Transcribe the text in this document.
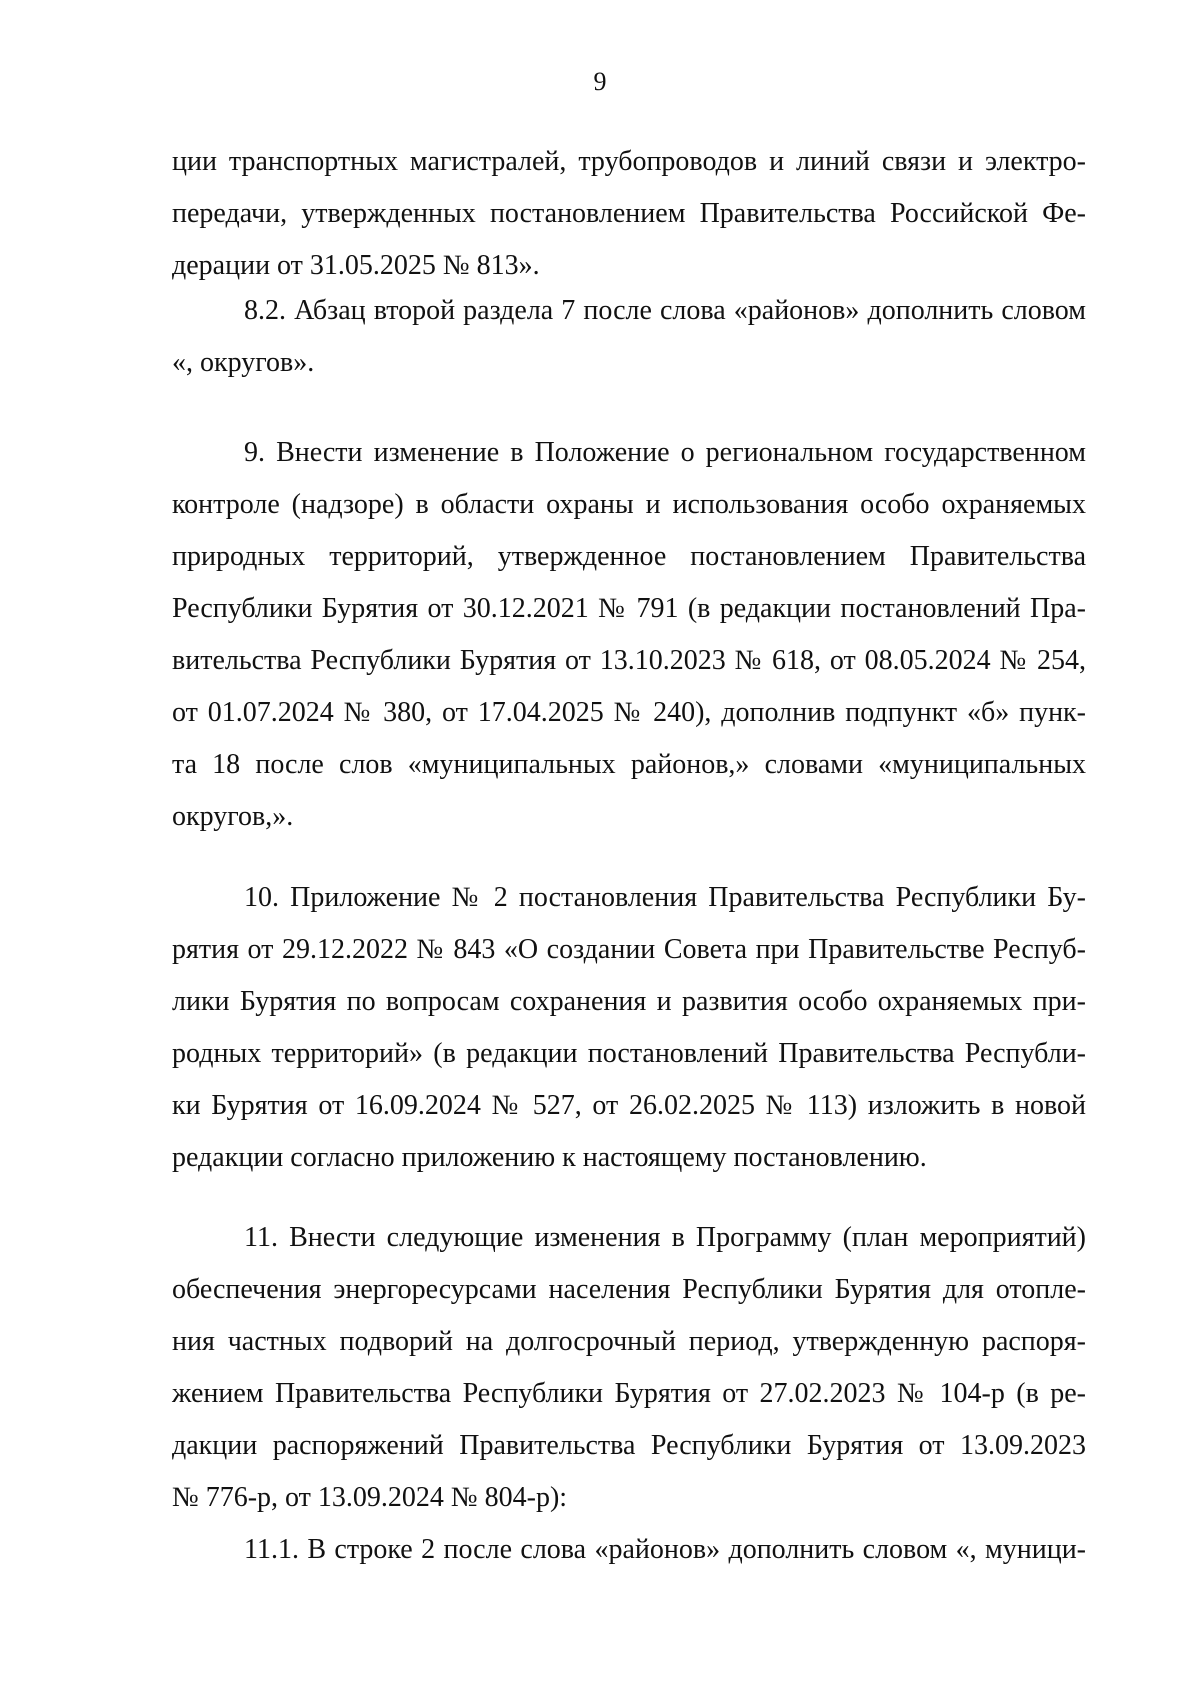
9
ции транспортных магистралей, трубопроводов и линий связи и электро-
передачи, утвержденных постановлением Правительства Российской Фе-
дерации от 31.05.2025 № 813».
8.2. Абзац второй раздела 7 после слова «районов» дополнить словом
«, округов».
9. Внести изменение в Положение о региональном государственном
контроле (надзоре) в области охраны и использования особо охраняемых
природных территорий, утвержденное постановлением Правительства
Республики Бурятия от 30.12.2021 № 791 (в редакции постановлений Пра-
вительства Республики Бурятия от 13.10.2023 № 618, от 08.05.2024 № 254,
от 01.07.2024 № 380, от 17.04.2025 № 240), дополнив подпункт «б» пунк-
та 18 после слов «муниципальных районов,» словами «муниципальных
округов,».
10. Приложение № 2 постановления Правительства Республики Бу-
рятия от 29.12.2022 № 843 «О создании Совета при Правительстве Респуб-
лики Бурятия по вопросам сохранения и развития особо охраняемых при-
родных территорий» (в редакции постановлений Правительства Республи-
ки Бурятия от 16.09.2024 № 527, от 26.02.2025 № 113) изложить в новой
редакции согласно приложению к настоящему постановлению.
11. Внести следующие изменения в Программу (план мероприятий)
обеспечения энергоресурсами населения Республики Бурятия для отопле-
ния частных подворий на долгосрочный период, утвержденную распоря-
жением Правительства Республики Бурятия от 27.02.2023 № 104-р (в ре-
дакции распоряжений Правительства Республики Бурятия от 13.09.2023
№ 776-р, от 13.09.2024 № 804-р):
11.1. В строке 2 после слова «районов» дополнить словом «, муници-
